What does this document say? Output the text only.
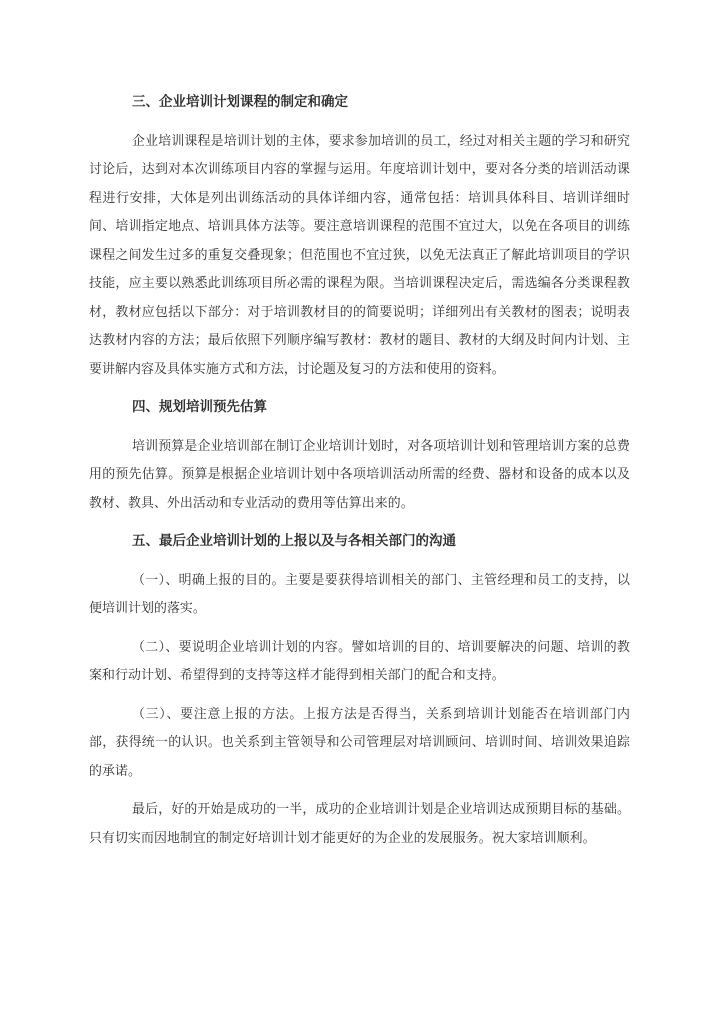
三、企业培训计划课程的制定和确定
企业培训课程是培训计划的主体，要求参加培训的员工，经过对相关主题的学习和研究讨论后，达到对本次训练项目内容的掌握与运用。年度培训计划中，要对各分类的培训活动课程进行安排，大体是列出训练活动的具体详细内容，通常包括：培训具体科目、培训详细时间、培训指定地点、培训具体方法等。要注意培训课程的范围不宜过大，以免在各项目的训练课程之间发生过多的重复交叠现象；但范围也不宜过狭，以免无法真正了解此培训项目的学识技能，应主要以熟悉此训练项目所必需的课程为限。当培训课程决定后，需选编各分类课程教材，教材应包括以下部分：对于培训教材目的的简要说明；详细列出有关教材的图表；说明表达教材内容的方法；最后依照下列顺序编写教材：教材的题目、教材的大纲及时间内计划、主要讲解内容及具体实施方式和方法，讨论题及复习的方法和使用的资料。
四、规划培训预先估算
培训预算是企业培训部在制订企业培训计划时，对各项培训计划和管理培训方案的总费用的预先估算。预算是根据企业培训计划中各项培训活动所需的经费、器材和设备的成本以及教材、教具、外出活动和专业活动的费用等估算出来的。
五、最后企业培训计划的上报以及与各相关部门的沟通
（一）、明确上报的目的。主要是要获得培训相关的部门、主管经理和员工的支持，以便培训计划的落实。
（二）、要说明企业培训计划的内容。譬如培训的目的、培训要解决的问题、培训的教案和行动计划、希望得到的支持等这样才能得到相关部门的配合和支持。
（三）、要注意上报的方法。上报方法是否得当，关系到培训计划能否在培训部门内部，获得统一的认识。也关系到主管领导和公司管理层对培训顾问、培训时间、培训效果追踪的承诺。
最后，好的开始是成功的一半，成功的企业培训计划是企业培训达成预期目标的基础。只有切实而因地制宜的制定好培训计划才能更好的为企业的发展服务。祝大家培训顺利。
